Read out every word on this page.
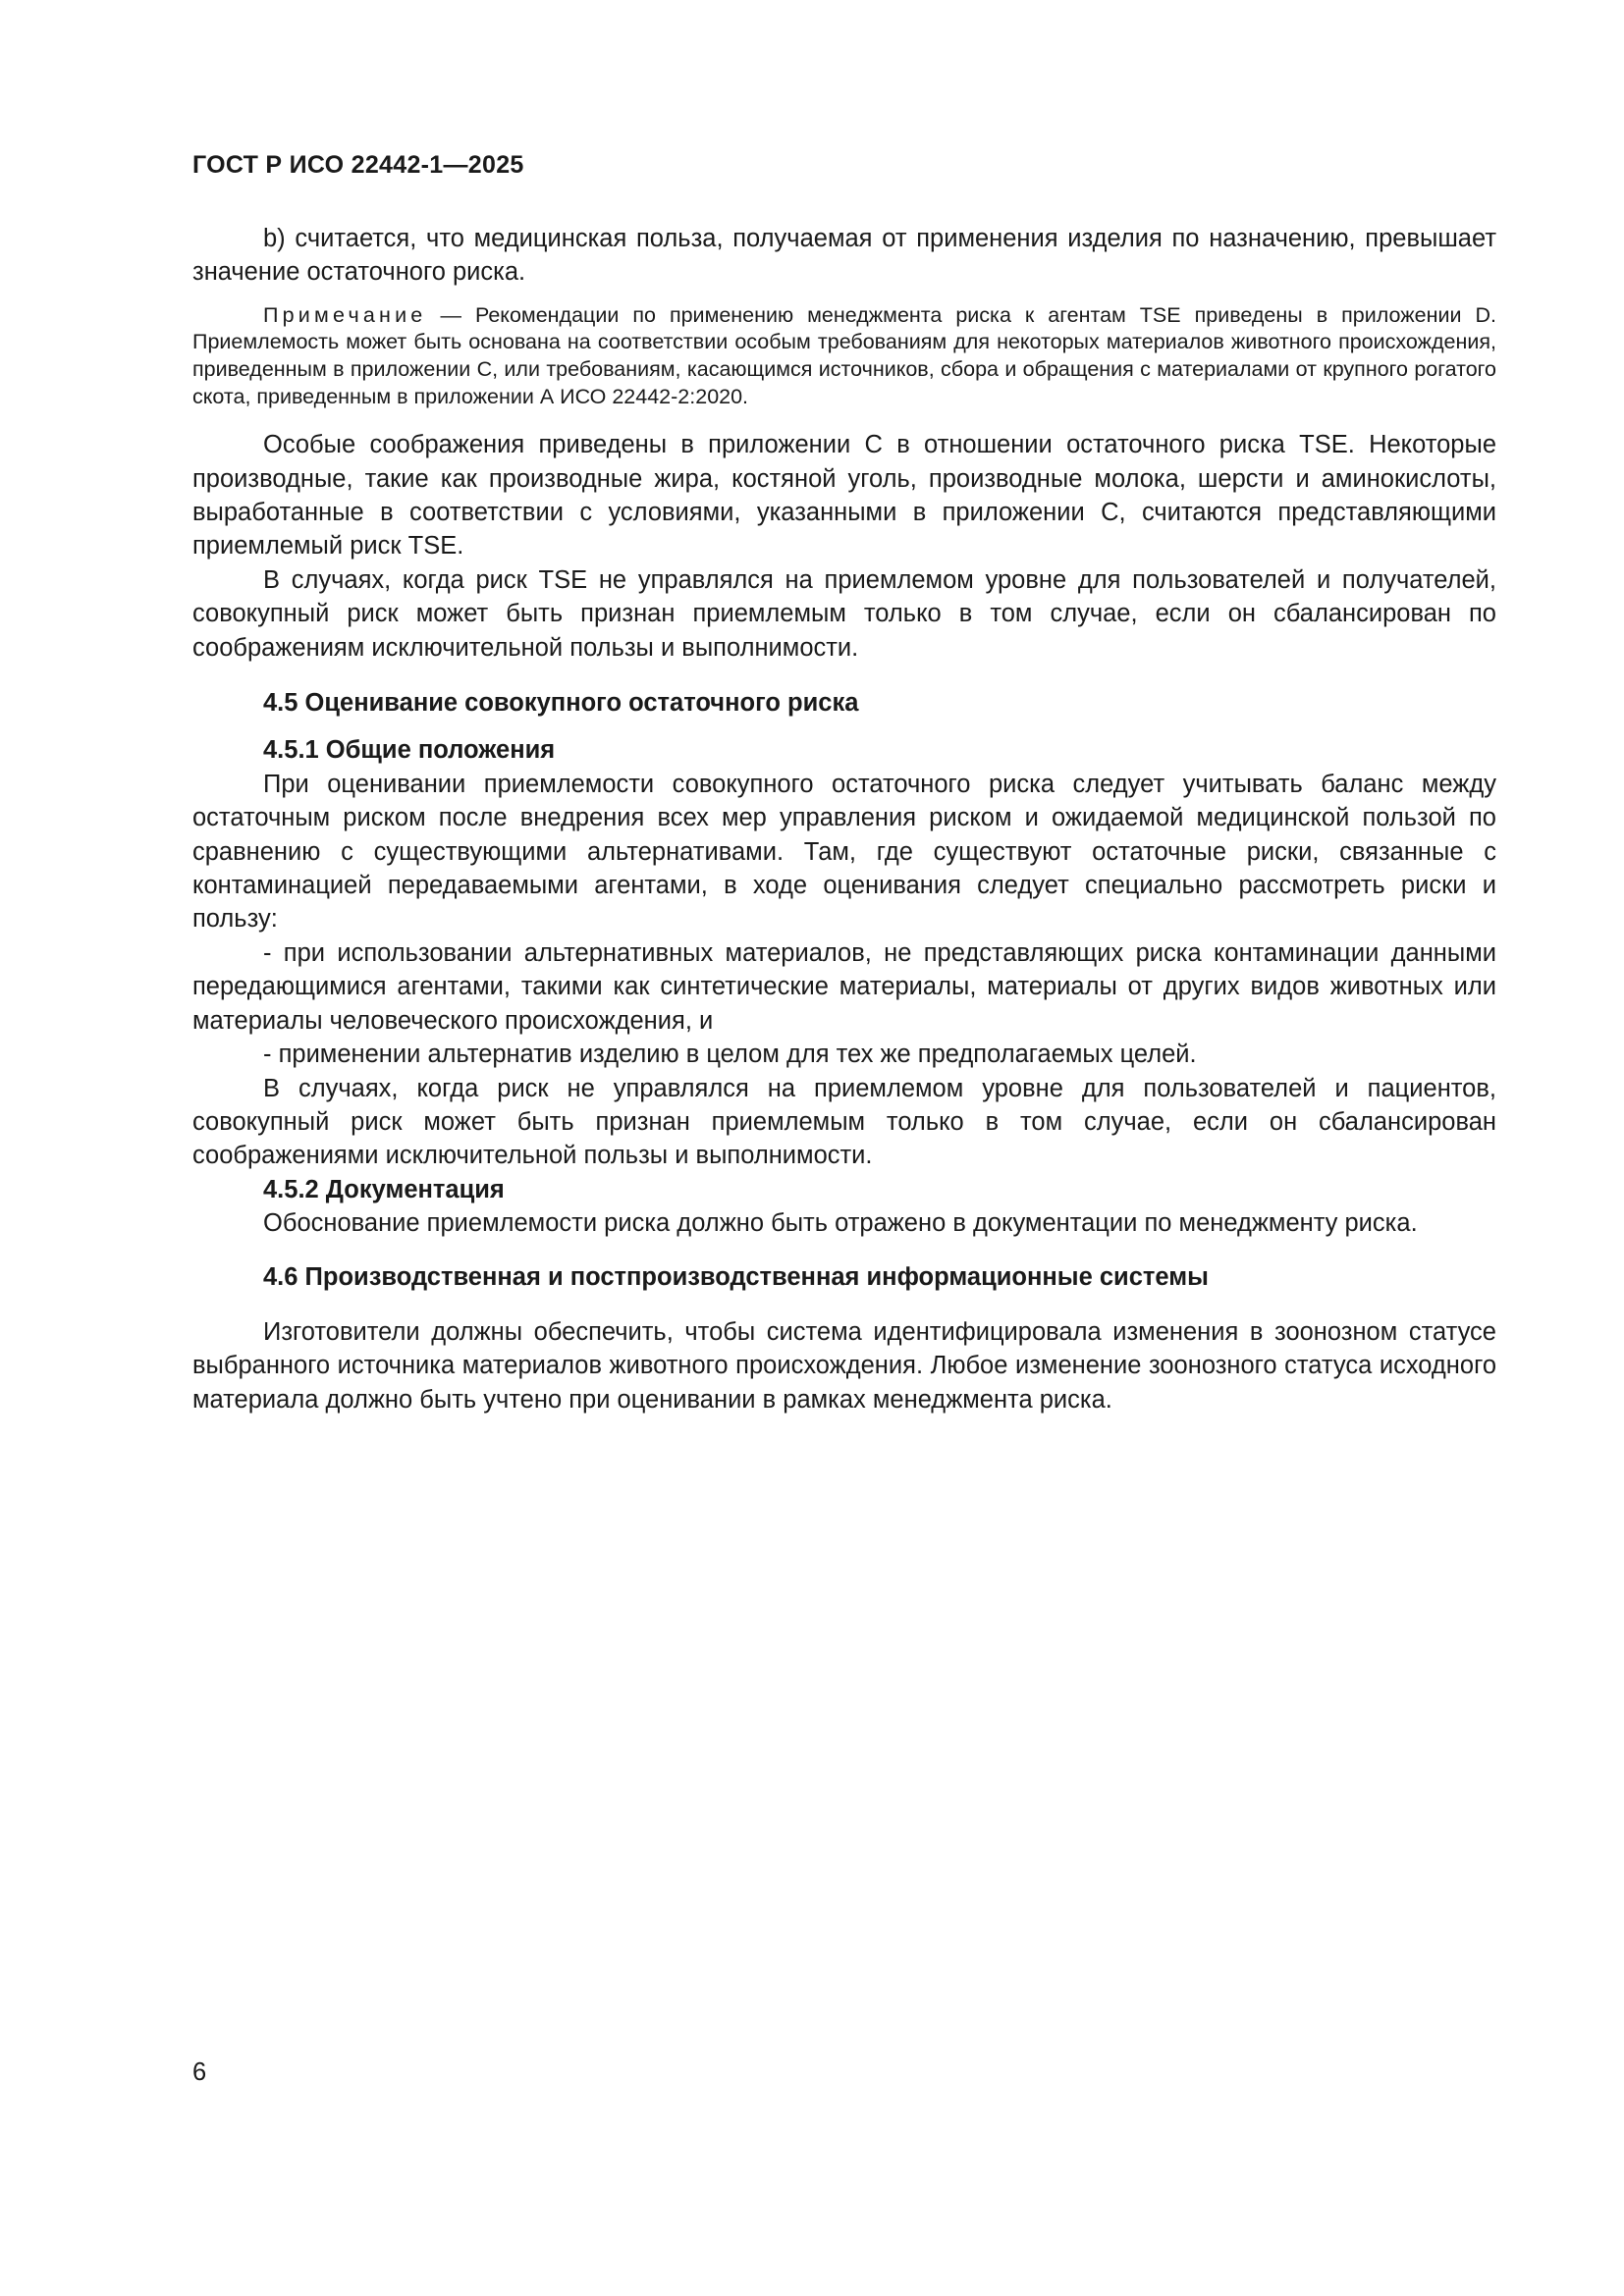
ГОСТ Р ИСО 22442-1—2025

b) считается, что медицинская польза, получаемая от применения изделия по назначению, превышает значение остаточного риска.

Примечание — Рекомендации по применению менеджмента риска к агентам TSE приведены в приложении D. Приемлемость может быть основана на соответствии особым требованиям для некоторых материалов животного происхождения, приведенным в приложении С, или требованиям, касающимся источников, сбора и обращения с материалами от крупного рогатого скота, приведенным в приложении А ИСО 22442-2:2020.

Особые соображения приведены в приложении С в отношении остаточного риска TSE. Некоторые производные, такие как производные жира, костяной уголь, производные молока, шерсти и аминокислоты, выработанные в соответствии с условиями, указанными в приложении С, считаются представляющими приемлемый риск TSE.

В случаях, когда риск TSE не управлялся на приемлемом уровне для пользователей и получателей, совокупный риск может быть признан приемлемым только в том случае, если он сбалансирован по соображениям исключительной пользы и выполнимости.

4.5 Оценивание совокупного остаточного риска
4.5.1 Общие положения

При оценивании приемлемости совокупного остаточного риска следует учитывать баланс между остаточным риском после внедрения всех мер управления риском и ожидаемой медицинской пользой по сравнению с существующими альтернативами. Там, где существуют остаточные риски, связанные с контаминацией передаваемыми агентами, в ходе оценивания следует специально рассмотреть риски и пользу:

- при использовании альтернативных материалов, не представляющих риска контаминации данными передающимися агентами, такими как синтетические материалы, материалы от других видов животных или материалы человеческого происхождения, и

- применении альтернатив изделию в целом для тех же предполагаемых целей.

В случаях, когда риск не управлялся на приемлемом уровне для пользователей и пациентов, совокупный риск может быть признан приемлемым только в том случае, если он сбалансирован соображениями исключительной пользы и выполнимости.

4.5.2 Документация

Обоснование приемлемости риска должно быть отражено в документации по менеджменту риска.

4.6 Производственная и постпроизводственная информационные системы

Изготовители должны обеспечить, чтобы система идентифицировала изменения в зоонозном статусе выбранного источника материалов животного происхождения. Любое изменение зоонозного статуса исходного материала должно быть учтено при оценивании в рамках менеджмента риска.

6
